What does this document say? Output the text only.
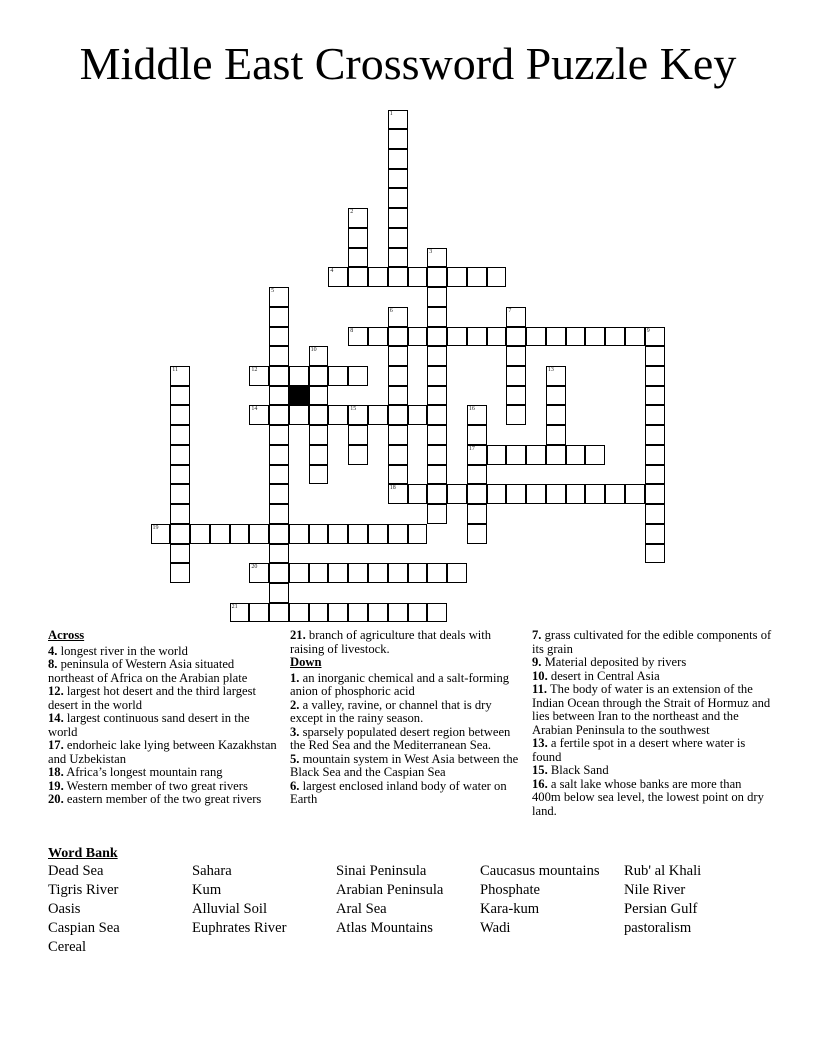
Middle East Crossword Puzzle Key
1
2
3
4
5
6
18
7
8	9
10
11	12	13
14	15	16
17
19
20
21
Across

4. longest river in the world

8. peninsula of Western Asia situated northeast of Africa on the Arabian plate

12. largest hot desert and the third largest desert in the world

14. largest continuous sand desert in the world

17. endorheic lake lying between Kazakhstan and Uzbekistan

18. Africa’s longest mountain rang

19. Western member of two great rivers

20. eastern member of the two great rivers

21. branch of agriculture that deals with raising of livestock.

Down

1. an inorganic chemical and a salt-forming anion of phosphoric acid

2. a valley, ravine, or channel that is dry except in the rainy season.

3. sparsely populated desert region between the Red Sea and the Mediterranean Sea.

5. mountain system in West Asia between the Black Sea and the Caspian Sea

6. largest enclosed inland body of water on Earth

7. grass cultivated for the edible components of its grain

9. Material deposited by rivers

10. desert in Central Asia

11. The body of water is an extension of the Indian Ocean through the Strait of Hormuz and lies between Iran to the northeast and the Arabian Peninsula to the southwest

13. a fertile spot in a desert where water is found

15. Black Sand

16. a salt lake whose banks are more than 400m below sea level, the lowest point on dry land.

Word Bank
Dead Sea
Tigris River
Oasis
Caspian Sea
Cereal
Sahara
Kum
Alluvial Soil
Euphrates River
Sinai Peninsula
Arabian Peninsula
Aral Sea
Atlas Mountains
Caucasus mountains
Phosphate
Kara-kum
Wadi
Rub' al Khali
Nile River
Persian Gulf
pastoralism
